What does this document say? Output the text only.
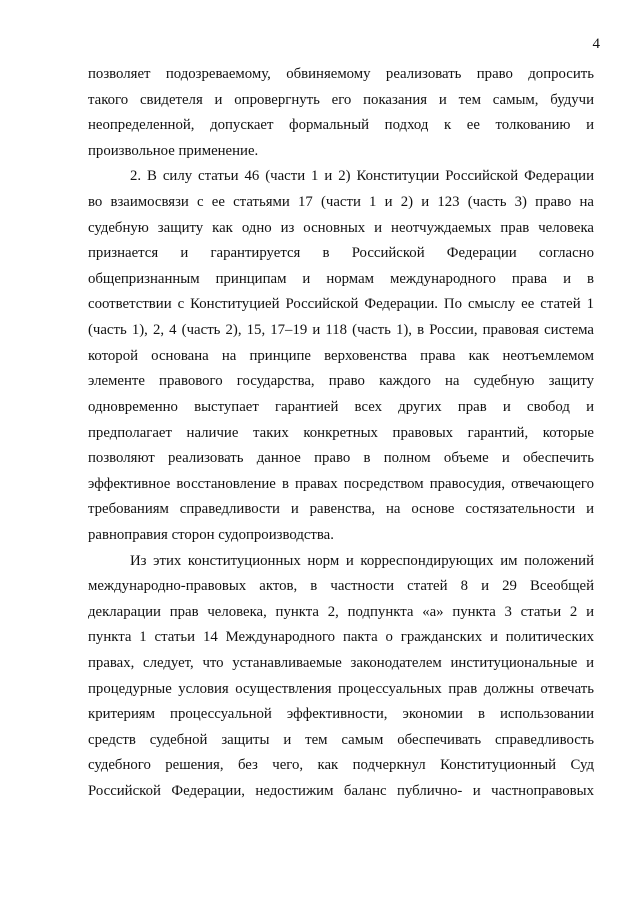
4
позволяет подозреваемому, обвиняемому реализовать право допросить
такого свидетеля и опровергнуть его показания и тем самым, будучи
неопределенной, допускает формальный подход к ее толкованию и
произвольное применение.
2. В силу статьи 46 (части 1 и 2) Конституции Российской Федерации
во взаимосвязи с ее статьями 17 (части 1 и 2) и 123 (часть 3) право на
судебную защиту как одно из основных и неотчуждаемых прав человека
признается и гарантируется в Российской Федерации согласно
общепризнанным принципам и нормам международного права и в
соответствии с Конституцией Российской Федерации. По смыслу ее статей 1
(часть 1), 2, 4 (часть 2), 15, 17–19 и 118 (часть 1), в России, правовая система
которой основана на принципе верховенства права как неотъемлемом
элементе правового государства, право каждого на судебную защиту
одновременно выступает гарантией всех других прав и свобод и
предполагает наличие таких конкретных правовых гарантий, которые
позволяют реализовать данное право в полном объеме и обеспечить
эффективное восстановление в правах посредством правосудия, отвечающего
требованиям справедливости и равенства, на основе состязательности и
равноправия сторон судопроизводства.
Из этих конституционных норм и корреспондирующих им положений
международно-правовых актов, в частности статей 8 и 29 Всеобщей
декларации прав человека, пункта 2, подпункта «а» пункта 3 статьи 2 и
пункта 1 статьи 14 Международного пакта о гражданских и политических
правах, следует, что устанавливаемые законодателем институциональные и
процедурные условия осуществления процессуальных прав должны отвечать
критериям процессуальной эффективности, экономии в использовании
средств судебной защиты и тем самым обеспечивать справедливость
судебного решения, без чего, как подчеркнул Конституционный Суд
Российской Федерации, недостижим баланс публично- и частноправовых
